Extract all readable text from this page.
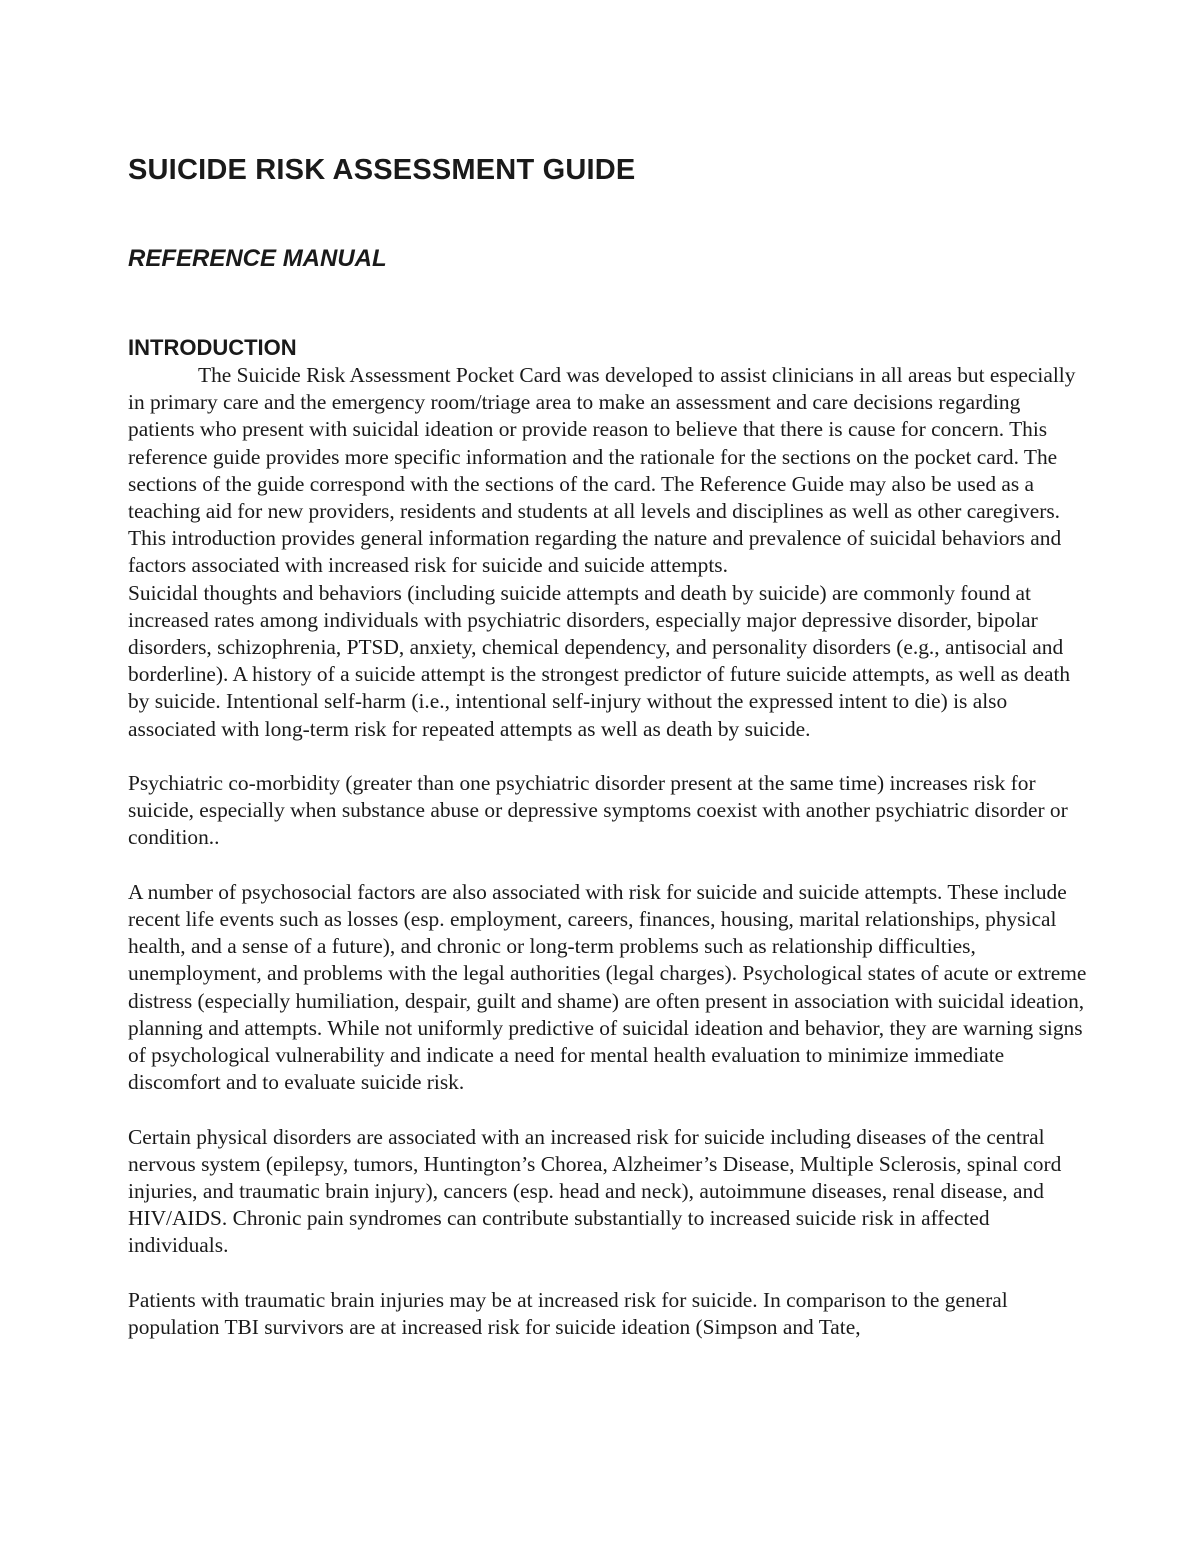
SUICIDE RISK ASSESSMENT GUIDE
REFERENCE MANUAL
INTRODUCTION

The Suicide Risk Assessment Pocket Card was developed to assist clinicians in all areas but especially in primary care and the emergency room/triage area to make an assessment and care decisions regarding patients who present with suicidal ideation or provide reason to believe that there is cause for concern. This reference guide provides more specific information and the rationale for the sections on the pocket card. The sections of the guide correspond with the sections of the card. The Reference Guide may also be used as a teaching aid for new providers, residents and students at all levels and disciplines as well as other caregivers. This introduction provides general information regarding the nature and prevalence of suicidal behaviors and factors associated with increased risk for suicide and suicide attempts.

Suicidal thoughts and behaviors (including suicide attempts and death by suicide) are commonly found at increased rates among individuals with psychiatric disorders, especially major depressive disorder, bipolar disorders, schizophrenia, PTSD, anxiety, chemical dependency, and personality disorders (e.g., antisocial and borderline). A history of a suicide attempt is the strongest predictor of future suicide attempts, as well as death by suicide. Intentional self-harm (i.e., intentional self-injury without the expressed intent to die) is also associated with long-term risk for repeated attempts as well as death by suicide.

Psychiatric co-morbidity (greater than one psychiatric disorder present at the same time) increases risk for suicide, especially when substance abuse or depressive symptoms coexist with another psychiatric disorder or condition..

A number of psychosocial factors are also associated with risk for suicide and suicide attempts. These include recent life events such as losses (esp. employment, careers, finances, housing, marital relationships, physical health, and a sense of a future), and chronic or long-term problems such as relationship difficulties, unemployment, and problems with the legal authorities (legal charges). Psychological states of acute or extreme distress (especially humiliation, despair, guilt and shame) are often present in association with suicidal ideation, planning and attempts. While not uniformly predictive of suicidal ideation and behavior, they are warning signs of psychological vulnerability and indicate a need for mental health evaluation to minimize immediate discomfort and to evaluate suicide risk.

Certain physical disorders are associated with an increased risk for suicide including diseases of the central nervous system (epilepsy, tumors, Huntington’s Chorea, Alzheimer’s Disease, Multiple Sclerosis, spinal cord injuries, and traumatic brain injury), cancers (esp. head and neck), autoimmune diseases, renal disease, and HIV/AIDS. Chronic pain syndromes can contribute substantially to increased suicide risk in affected individuals.

Patients with traumatic brain injuries may be at increased risk for suicide. In comparison to the general population TBI survivors are at increased risk for suicide ideation (Simpson and Tate,
